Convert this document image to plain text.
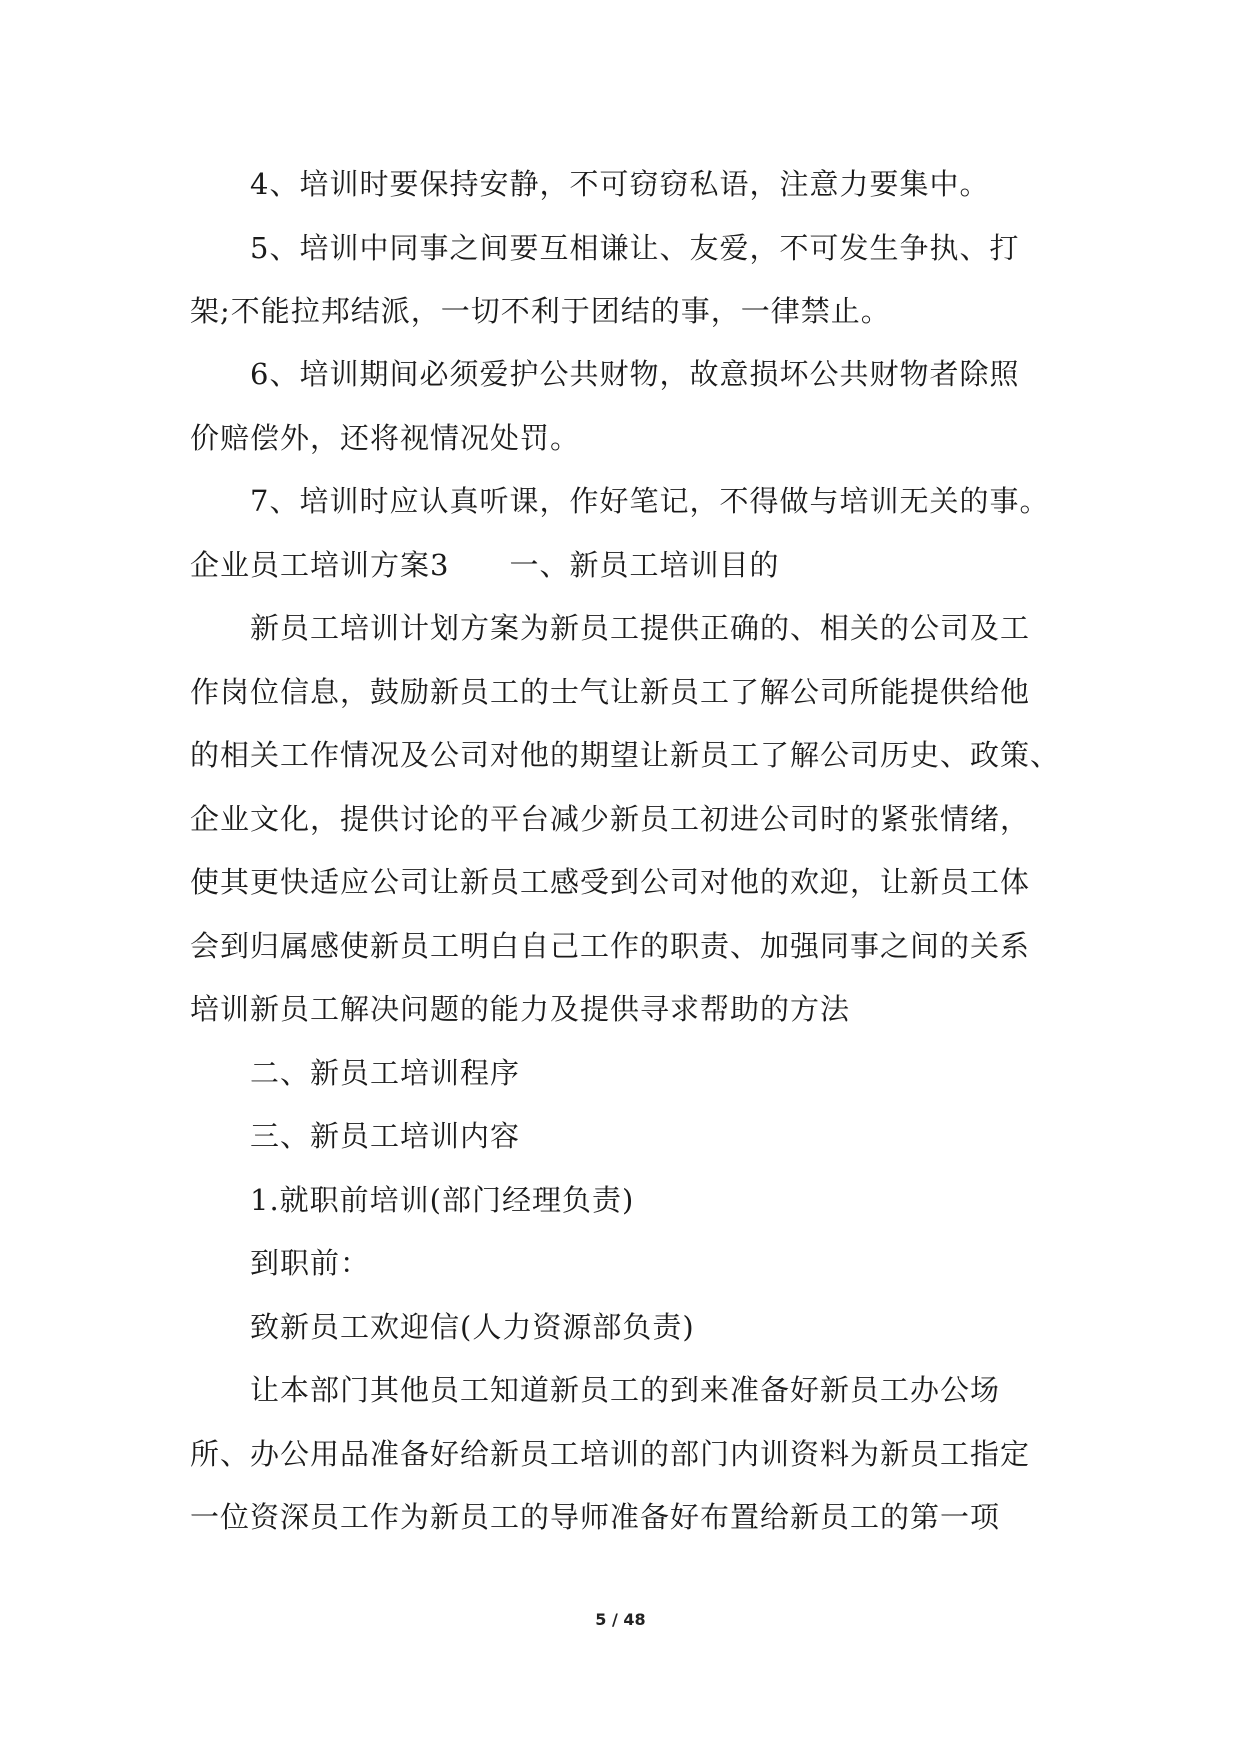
4、培训时要保持安静，不可窃窃私语，注意力要集中。
5、培训中同事之间要互相谦让、友爱，不可发生争执、打
架;不能拉邦结派，一切不利于团结的事，一律禁止。
6、培训期间必须爱护公共财物，故意损坏公共财物者除照
价赔偿外，还将视情况处罚。
7、培训时应认真听课，作好笔记，不得做与培训无关的事。
企业员工培训方案3　　一、新员工培训目的
新员工培训计划方案为新员工提供正确的、相关的公司及工
作岗位信息，鼓励新员工的士气让新员工了解公司所能提供给他
的相关工作情况及公司对他的期望让新员工了解公司历史、政策、
企业文化，提供讨论的平台减少新员工初进公司时的紧张情绪，
使其更快适应公司让新员工感受到公司对他的欢迎，让新员工体
会到归属感使新员工明白自己工作的职责、加强同事之间的关系
培训新员工解决问题的能力及提供寻求帮助的方法
二、新员工培训程序
三、新员工培训内容
1.就职前培训(部门经理负责)
到职前：
致新员工欢迎信(人力资源部负责)
让本部门其他员工知道新员工的到来准备好新员工办公场
所、办公用品准备好给新员工培训的部门内训资料为新员工指定
一位资深员工作为新员工的导师准备好布置给新员工的第一项
5 / 48
